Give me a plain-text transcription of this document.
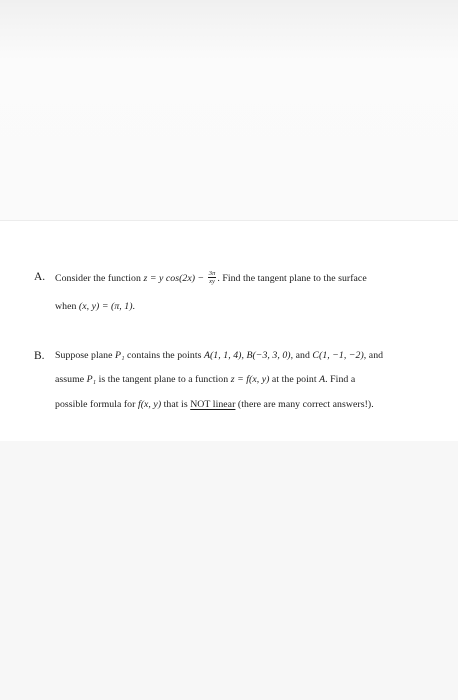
A. Consider the function z = y $\cos(2x) - \frac{3\pi}{xy}$ . Find the tangent plane to the surface
when (x, y) = (π, 1).
B. Suppose plane P₁ contains the points A(1, 1, 4), B(−3, 3, 0), and C(1, −1, −2), and
assume P₁ is the tangent plane to a function z = f(x, y) at the point A. Find a
possible formula for f(x, y) that is NOT linear (there are many correct answers!).
